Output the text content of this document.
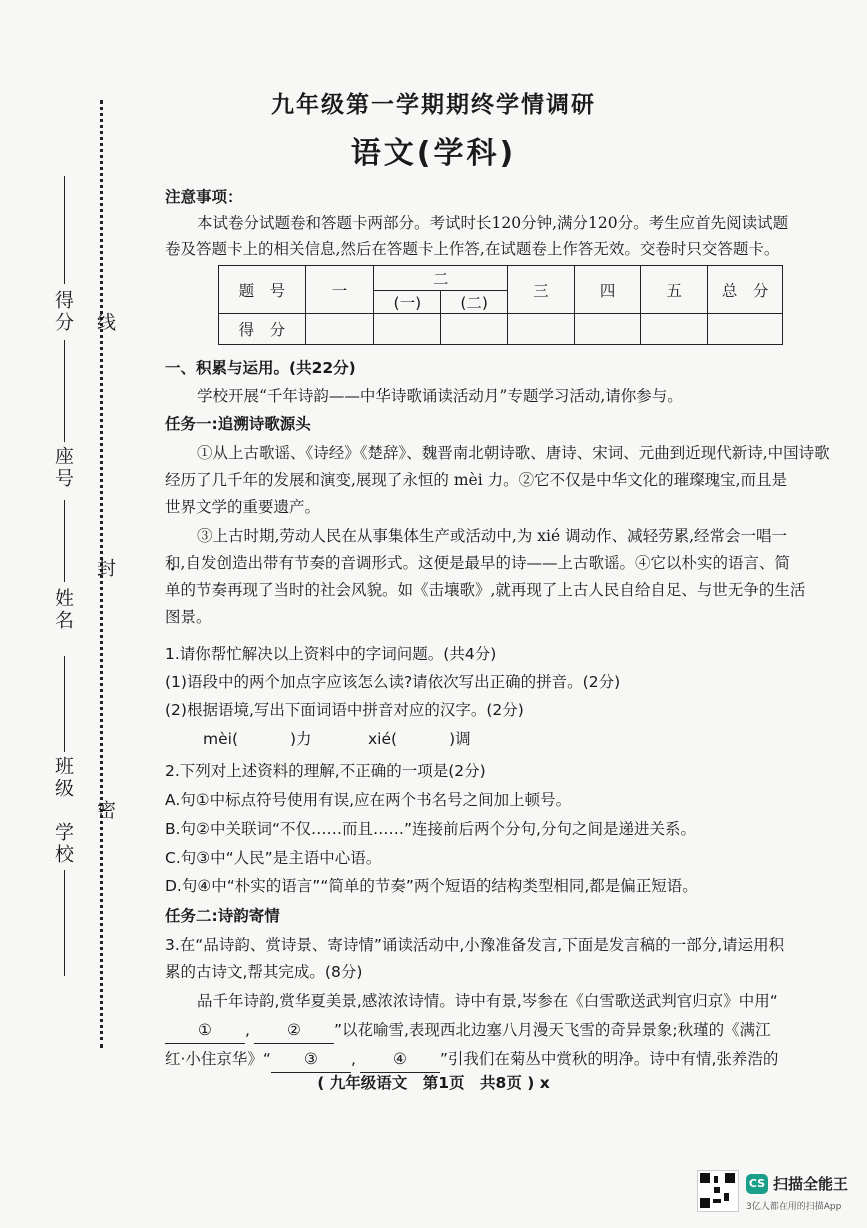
九年级第一学期期终学情调研
语文(学科)
线
封
密
得分
座号
姓名
班级
学校
注意事项：
本试卷分试题卷和答题卡两部分。考试时长120分钟,满分120分。考生应首先阅读试题
卷及答题卡上的相关信息,然后在答题卡上作答,在试题卷上作答无效。交卷时只交答题卡。
题　号	一	二		三	四	五	总　分
		(一)	(二)				
得　分							
一、积累与运用。(共22分)
学校开展“千年诗韵——中华诗歌诵读活动月”专题学习活动,请你参与。
任务一:追溯诗歌源头
①从上古歌谣、《诗经》《楚辞》、魏晋南北朝诗歌、唐诗、宋词、元曲到近现代新诗,中国诗歌
经历了几千年的发展和演变,展现了永恒的 mèi 力。②它不仅是中华文化的璀璨瑰宝,而且是
世界文学的重要遗产。
③上古时期,劳动人民在从事集体生产或活动中,为 xié 调动作、减轻劳累,经常会一唱一
和,自发创造出带有节奏的音调形式。这便是最早的诗——上古歌谣。④它以朴实的语言、简
单的节奏再现了当时的社会风貌。如《击壤歌》,就再现了上古人民自给自足、与世无争的生活
图景。
1.请你帮忙解决以上资料中的字词问题。(共4分)
(1)语段中的两个加点字应该怎么读?请依次写出正确的拼音。(2分)
(2)根据语境,写出下面词语中拼音对应的汉字。(2分)
mèi(	)力	xié(	)调
2.下列对上述资料的理解,不正确的一项是(2分)
A.句①中标点符号使用有误,应在两个书名号之间加上顿号。
B.句②中关联词“不仅……而且……”连接前后两个分句,分句之间是递进关系。
C.句③中“人民”是主语中心语。
D.句④中“朴实的语言”“简单的节奏”两个短语的结构类型相同,都是偏正短语。
任务二:诗韵寄情
3.在“品诗韵、赏诗景、寄诗情”诵读活动中,小豫准备发言,下面是发言稿的一部分,请运用积
累的古诗文,帮其完成。(8分)
品千年诗韵,赏华夏美景,感浓浓诗情。诗中有景,岑参在《白雪歌送武判官归京》中用“
① , ② ”以花喻雪,表现西北边塞八月漫天飞雪的奇异景象;秋瑾的《满江
红·小住京华》“ ③ , ④ ”引我们在菊丛中赏秋的明净。诗中有情,张养浩的
( 九年级语文　第1页　共8页 ) x
CS 扫描全能王
3亿人都在用的扫描App
